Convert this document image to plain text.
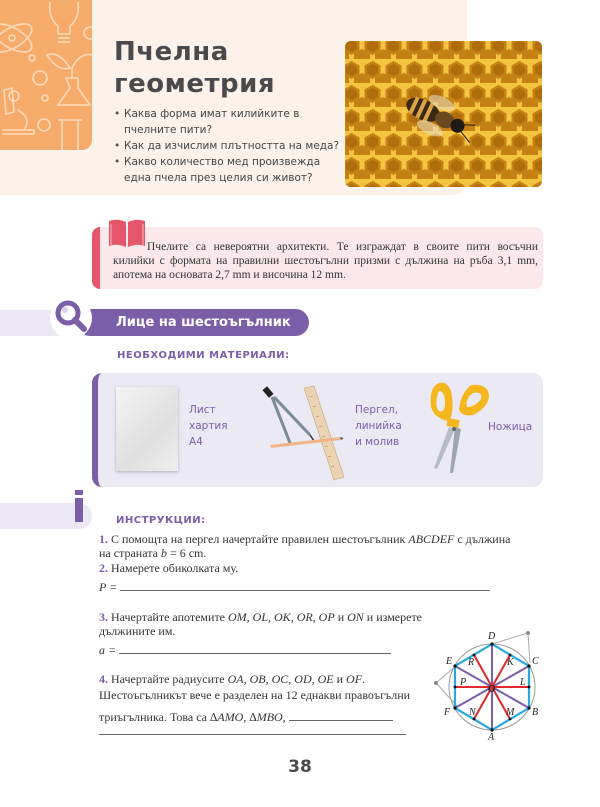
Пчелна
геометрия
• Каква форма имат килийките в пчелните пити?
• Как да изчислим плътността на меда?
• Какво количество мед произвежда една пчела през целия си живот?
Пчелите са невероятни архитекти. Те изграждат в своите пити восъчни килийки с формата на правилни шестоъгълни призми с дължина на ръба 3,1 mm, апотема на основата 2,7 mm и височина 12 mm.
Лице на шестоъгълник
НЕОБХОДИМИ МАТЕРИАЛИ:
Лист
хартия
А4
Пергел,
линийка
и молив
Ножица
ИНСТРУКЦИИ:
1. С помощта на пергел начертайте правилен шестоъгълник ABCDEF с дължина
на страната b = 6 cm.
2. Намерете обиколката му.
P =
3. Начертайте апотемите OM, OL, OK, OR, OP и ON и измерете
дължините им.
a =
4. Начертайте радиусите OA, OB, OC, OD, OE и OF.
Шестоъгълникът вече е разделен на 12 еднакви правоъгълни
триъгълника. Това са ∆AMO, ∆MBO,
A
B
C
D
E
F	M
L
K
R
P
N
O
38
